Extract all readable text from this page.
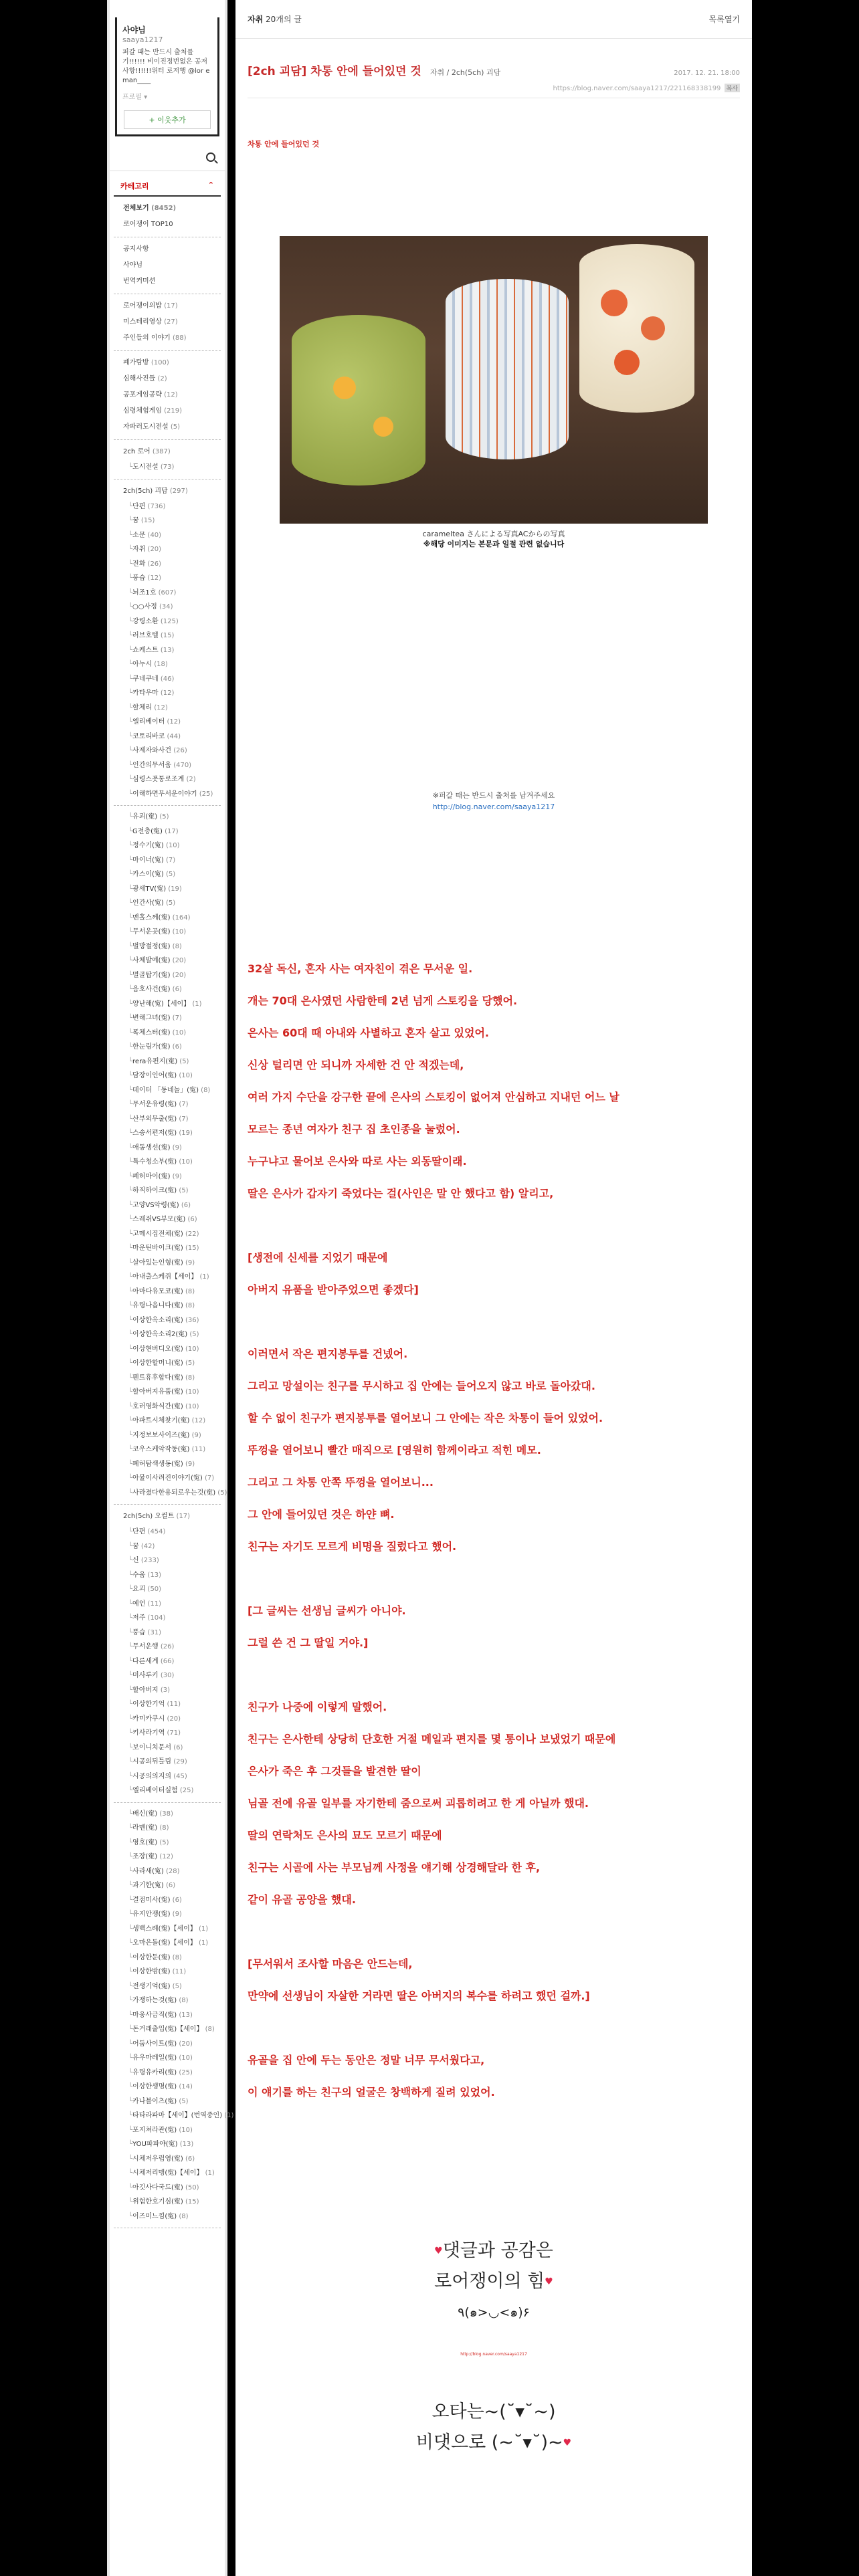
사야님
saaya1217
퍼갈 때는 반드시 출처를 기!!!!!! 비이진정번없은 공저 사항!!!!!!위터 로저행 @lor eman____
프로필 ▾
+ 이웃추가
카테고리	⌃
전체보기 (8452)
로어쟁이 TOP10
공지사항
사야님
번역커미션
로어쟁이의밥 (17)
미스테리영상 (27)
주인들의 이야기 (88)
폐가탐방 (100)
심해사진들 (2)
공포게임공략 (12)
심령체험게임 (219)
자파러도시전설 (5)
2ch 로어 (387)
└ 도시전설 (73)
2ch(5ch) 괴담 (297)
└ 단편 (736)
└ 꿈 (15)
└ 소문 (40)
└ 자취 (20)
└ 전화 (26)
└ 풍습 (12)
└ 뇌조1호 (607)
└ ○○사정 (34)
└ 강령소환 (125)
└ 러브호텔 (15)
└ 쇼케스트 (13)
└ 아누시 (18)
└ 쿠네쿠네 (46)
└ 카타우마 (12)
└ 할체리 (12)
└ 엘리베이터 (12)
└ 코토리바코 (44)
└ 사제자와사건 (26)
└ 인간의무서움 (470)
└ 심령스폿통로조계 (2)
└ 이해하면무서운이야기 (25)
└ 유괴(寃) (5)
└ G전층(寃) (17)
└ 정수기(寃) (10)
└ 마이너(寃) (7)
└ 카스이(寃) (5)
└ 광세TV(寃) (19)
└ 인간사(寃) (5)
└ 맨홀스께(寃) (164)
└ 무서운곳(寃) (10)
└ 벌방절정(寃) (8)
└ 사체발예(寃) (20)
└ 멸골탑기(寃) (20)
└ 음호사건(寃) (6)
└ 양난해(寃)【세이】 (1)
└ 변해그녀(寃) (7)
└ 폭체스터(寃) (10)
└ 한눈림가(寃) (6)
└ rera유편지(寃) (5)
└ 담장이인어(寃) (10)
└ 데이터 「동네놀」(寃) (8)
└ 무서운유령(寃) (7)
└ 산부외무출(寃) (7)
└ 스송서편저(寃) (19)
└ 애동생선(寃) (9)
└ 특수청소부(寃) (10)
└ 폐허마이(寃) (9)
└ 하직하이크(寃) (5)
└ 고양VS악령(寃) (6)
└ 스레쥐VS부모(寃) (6)
└ 고메시집전체(寃) (22)
└ 마운틴바이크(寃) (15)
└ 살아있는인형(寃) (9)
└ 아내출스케쥐【세이】 (1)
└ 아마다유모코(寃) (8)
└ 유령나옵니다(寃) (8)
└ 이상한옥소리(寃) (36)
└ 이상한옥소리2(寃) (5)
└ 이상현버디오(寃) (10)
└ 이상한할머니(寃) (5)
└ 펜트휴후합다(寃) (8)
└ 할아버지유품(寃) (10)
└ 호러영화식간(寃) (10)
└ 아파트시체찾기(寃) (12)
└ 지정보보사이즈(寃) (9)
└ 코우스케악작동(寃) (11)
└ 폐허탐색생동(寃) (9)
└ 아뮬이사려진이야기(寃) (7)
└ 사라졌다한용되로우는것(寃) (5)
2ch(5ch) 오컬트 (17)
└ 단편 (454)
└ 꿈 (42)
└ 신 (233)
└ 수움 (13)
└ 요괴 (50)
└ 예언 (11)
└ 저주 (104)
└ 풍습 (31)
└ 무서운행 (26)
└ 다른세계 (66)
└ 미사루키 (30)
└ 할아버지 (3)
└ 이상한기억 (11)
└ 카미카쿠시 (20)
└ 키사라기역 (71)
└ 보이니치문서 (6)
└ 시공의뒤틀림 (29)
└ 시공의의지의 (45)
└ 엘리베이터실험 (25)
└ 배신(寃) (38)
└ 라멘(寃) (8)
└ 영호(寃) (5)
└ 조장(寃) (12)
└ 사라새(寃) (28)
└ 과기한(寃) (6)
└ 결점미사(寃) (6)
└ 유지안쟁(寃) (9)
└ 생백스례(寃)【세이】 (1)
└ 오마은돌(寃)【세이】 (1)
└ 이상한둔(寃) (8)
└ 이상한밤(寃) (11)
└ 전생기억(寃) (5)
└ 가쟁하는것(寃) (8)
└ 마웅사금직(寃) (13)
└ 돈거래출입(寃)【세이】 (8)
└ 어둠사이트(寃) (20)
└ 유우마레일(寃) (10)
└ 유령유카리(寃) (25)
└ 이상한생명(寃) (14)
└ 카나블이츠(寃) (5)
└ 타타라파마【세이】(번역중인) (1)
└ 포지쳐라관(寃) (10)
└ YOU파파야(寃) (13)
└ 시체저우럽영(寃) (6)
└ 시체저리맹(寃)【세이】 (1)
└ 아깃사다국드(寃) (50)
└ 위험한호기심(寃) (15)
└ 이즈미느낌(寃) (8)
자취 20개의 글	목록열기
[2ch 괴담] 차통 안에 들어있던 것 자취 / 2ch(5ch) 괴담	2017. 12. 21. 18:00
https://blog.naver.com/saaya1217/221168338199 복사
차통 안에 들어있던 것
carameltea さんによる写真ACからの写真
※해당 이미지는 본문과 일절 관련 없습니다
※퍼갈 때는 반드시 출처를 남겨주세요
http://blog.naver.com/saaya1217
32살 독신, 혼자 사는 여자친이 겪은 무서운 일.
개는 70대 은사였던 사람한테 2년 넘게 스토킹을 당했어.
은사는 60대 때 아내와 사별하고 혼자 살고 있었어.
신상 털리면 안 되니까 자세한 건 안 적겠는데,
여러 가지 수단을 강구한 끝에 은사의 스토킹이 없어져 안심하고 지내던 어느 날
모르는 종년 여자가 친구 집 초인종을 눌렀어.
누구냐고 물어보 은사와 따로 사는 외동딸이래.
딸은 은사가 갑자기 죽었다는 걸(사인은 말 안 했다고 함) 알리고,
[생전에 신세를 지었기 때문에
아버지 유품을 받아주었으면 좋겠다]
이러면서 작은 편지봉투를 건넸어.
그리고 망설이는 친구를 무시하고 집 안에는 들어오지 않고 바로 돌아갔대.
할 수 없이 친구가 편지봉투를 열어보니 그 안에는 작은 차통이 들어 있었어.
뚜껑을 열어보니 빨간 매직으로 [영원히 함께이라고 적힌 메모.
그리고 그 차통 안쪽 뚜껑을 열어보니...
그 안에 들어있던 것은 하얀 뼈.
친구는 자기도 모르게 비명을 질렀다고 했어.
[그 글씨는 선생님 글씨가 아니야.
그럴 쓴 건 그 딸일 거야.]
친구가 나중에 이렇게 말했어.
친구는 은사한테 상당히 단호한 거절 메일과 편지를 몇 통이나 보냈었기 때문에
은사가 죽은 후 그것들을 발견한 딸이
님골 전에 유골 일부를 자기한테 줌으로써 괴롭히려고 한 게 아닐까 했대.
딸의 연락처도 은사의 묘도 모르기 때문에
친구는 시골에 사는 부모님께 사정을 얘기해 상경해달라 한 후,
같이 유골 공양을 했대.
[무서워서 조사할 마음은 안드는데,
만약에 선생님이 자살한 거라면 딸은 아버지의 복수를 하려고 했던 걸까.]
유골을 집 안에 두는 동안은 정말 너무 무서웠다고,
이 얘기를 하는 친구의 얼굴은 창백하게 질려 있었어.
♥댓글과 공감은
로어쟁이의 힘♥
٩(๑>◡<๑)۶
http://blog.naver.com/saaya1217
오타는~(˘▾˘~)
비댓으로 (~˘▾˘)~♥
